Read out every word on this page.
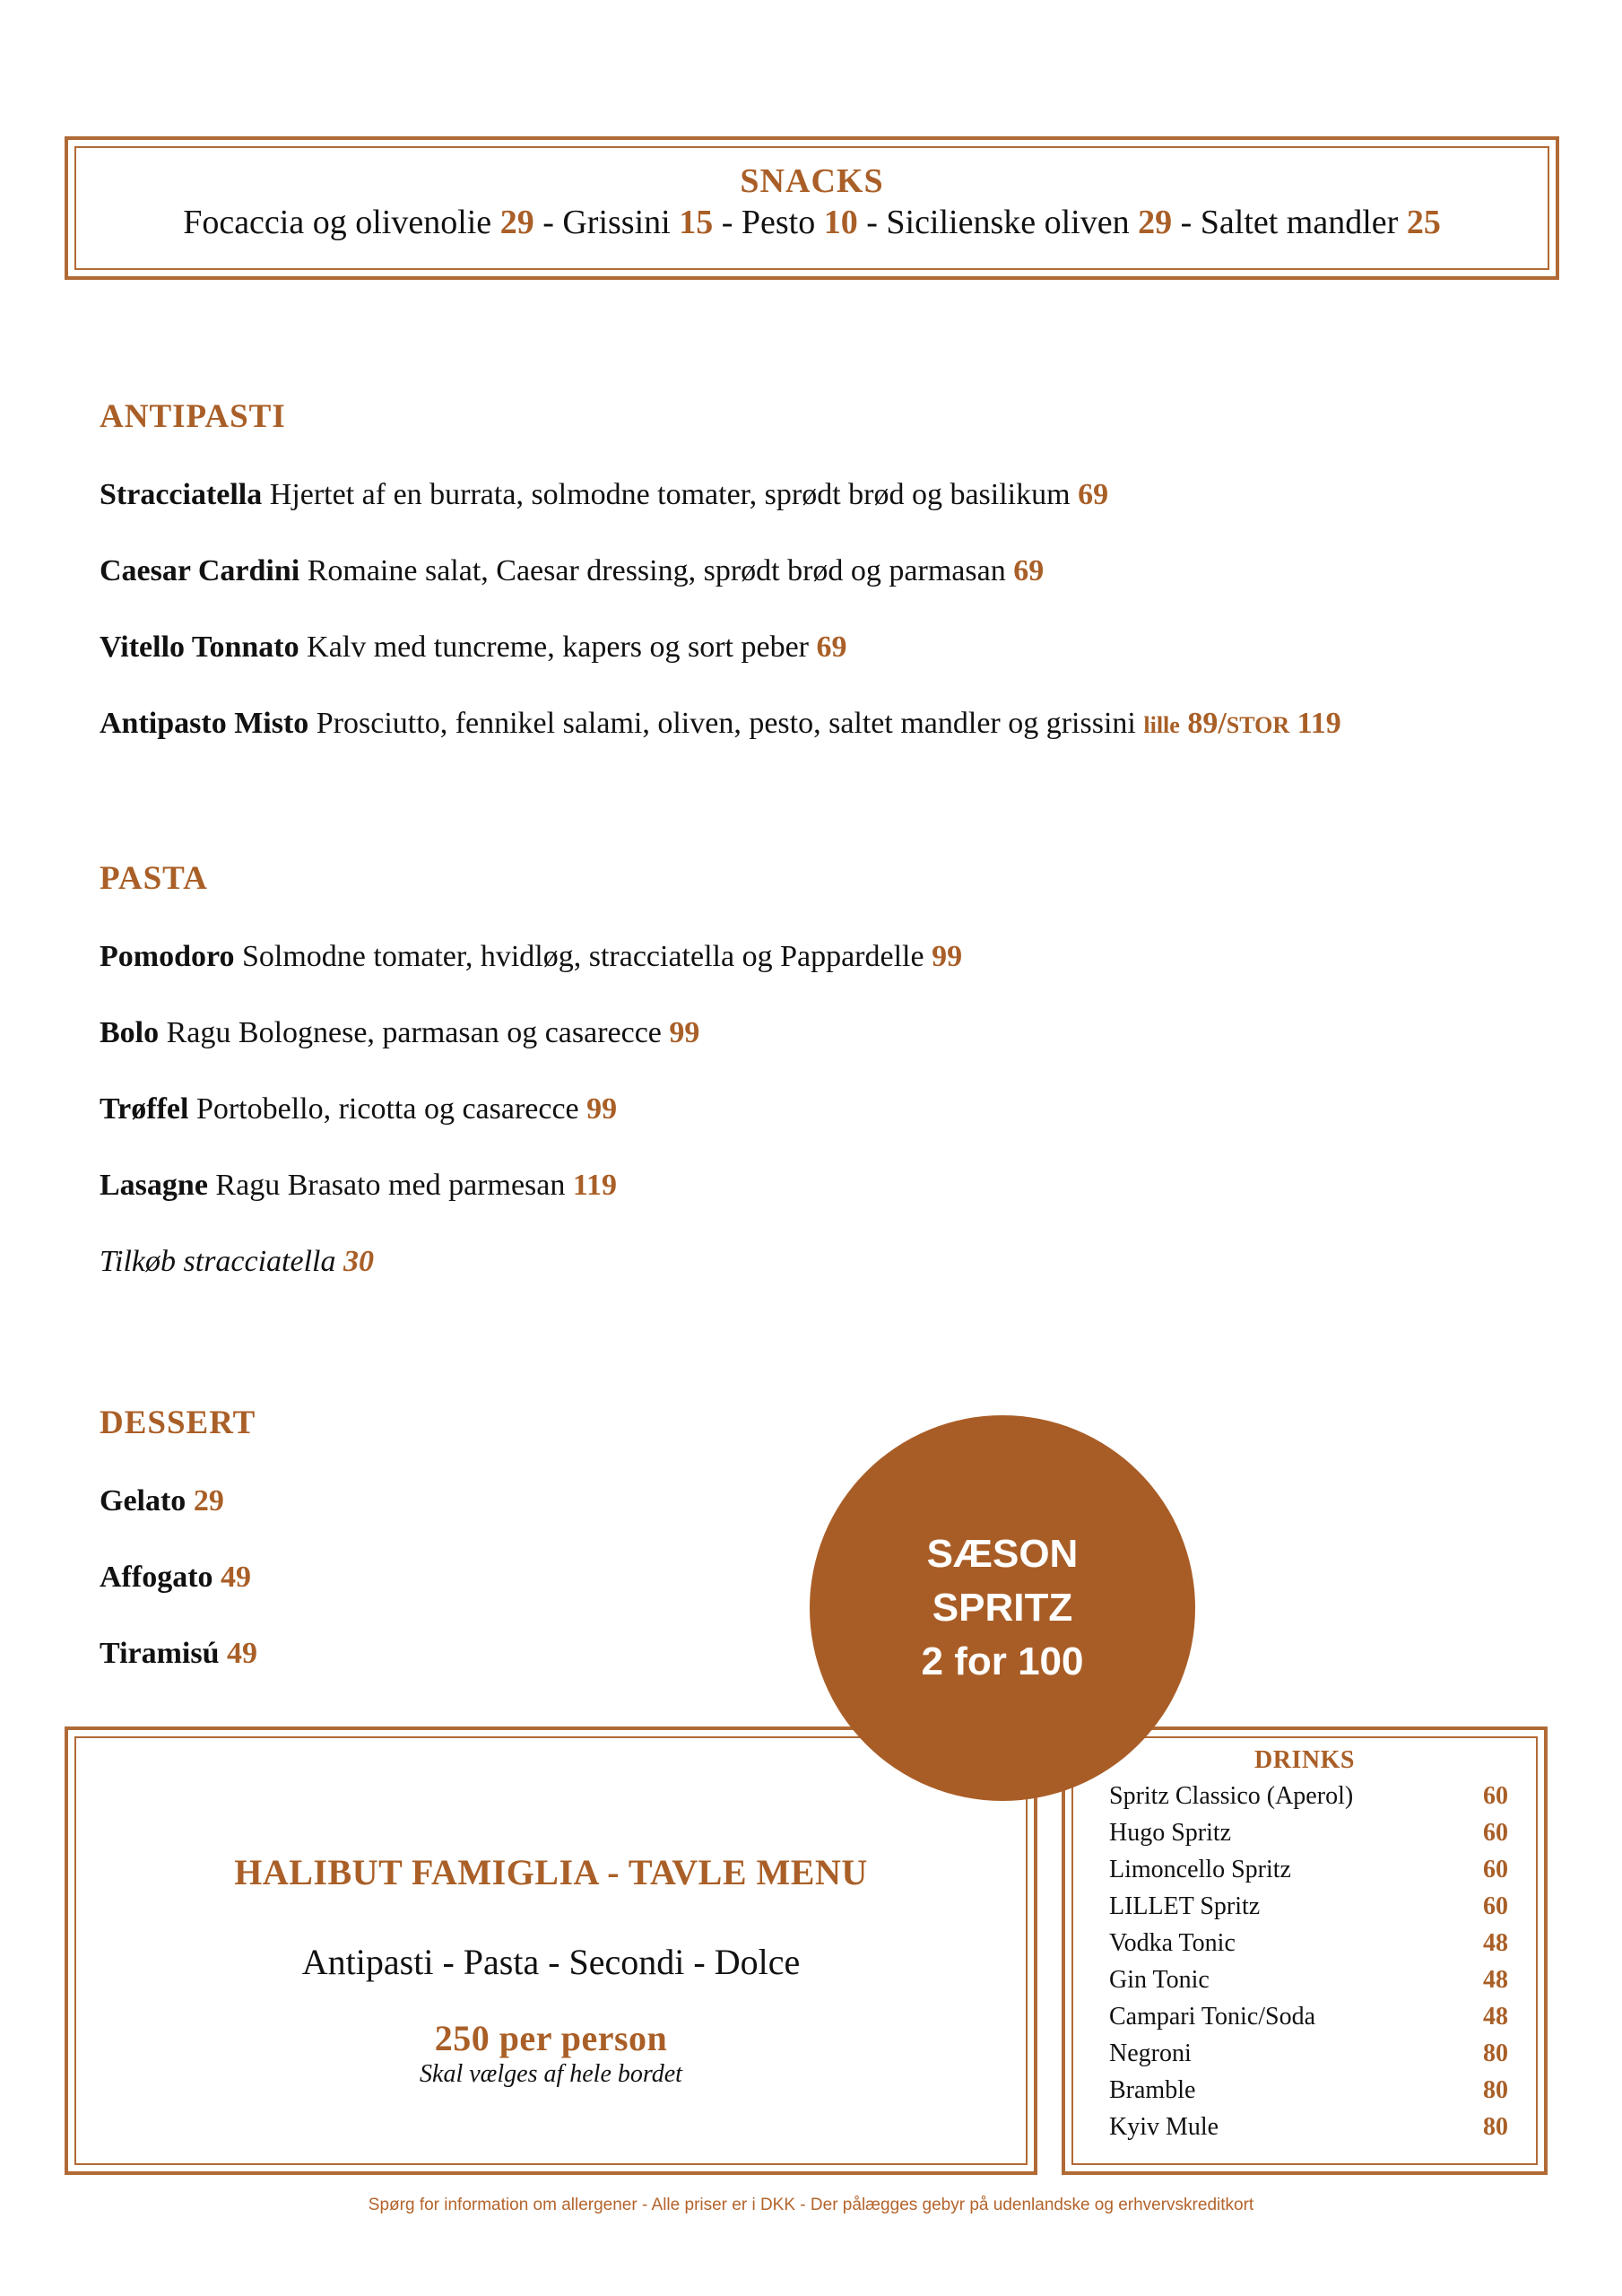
SNACKS
Focaccia og olivenolie 29 - Grissini 15 - Pesto 10 - Sicilienske oliven 29 - Saltet mandler 25
ANTIPASTI
Stracciatella Hjertet af en burrata, solmodne tomater, sprødt brød og basilikum 69
Caesar Cardini Romaine salat, Caesar dressing, sprødt brød og parmasan 69
Vitello Tonnato Kalv med tuncreme, kapers og sort peber 69
Antipasto Misto Prosciutto, fennikel salami, oliven, pesto, saltet mandler og grissini lille 89/STOR 119
PASTA
Pomodoro Solmodne tomater, hvidløg, stracciatella og Pappardelle 99
Bolo Ragu Bolognese, parmasan og casarecce 99
Trøffel Portobello, ricotta og casarecce 99
Lasagne Ragu Brasato med parmesan 119
Tilkøb stracciatella 30
DESSERT
Gelato 29
Affogato 49
Tiramisú 49
HALIBUT FAMIGLIA - TAVLE MENU
Antipasti - Pasta - Secondi - Dolce
250 per person
Skal vælges af hele bordet
DRINKS
Spritz Classico (Aperol)	60
Hugo Spritz	60
Limoncello Spritz	60
LILLET Spritz	60
Vodka Tonic	48
Gin Tonic	48
Campari Tonic/Soda	48
Negroni	80
Bramble	80
Kyiv Mule	80
SÆSON
SPRITZ
2 for 100
Spørg for information om allergener - Alle priser er i DKK - Der pålægges gebyr på udenlandske og erhvervskreditkort
